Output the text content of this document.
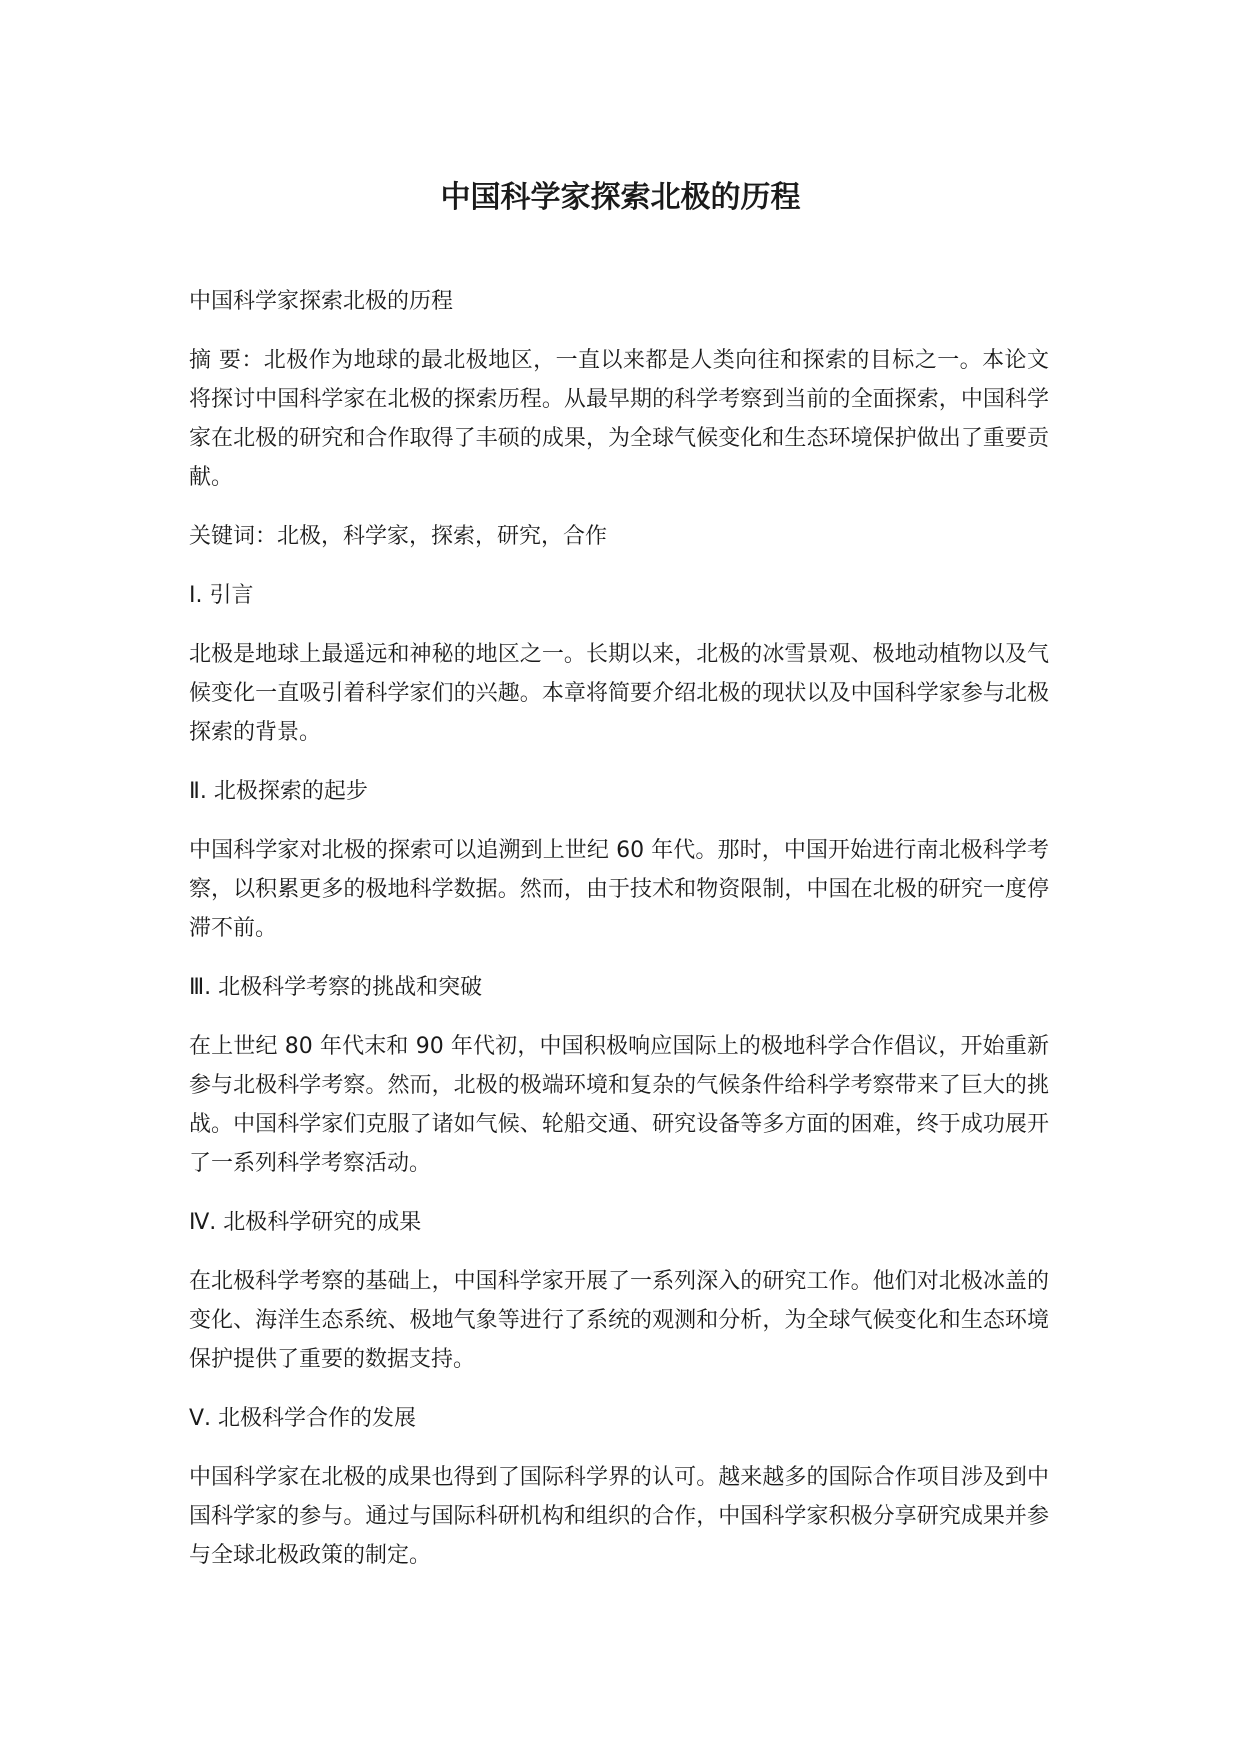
中国科学家探索北极的历程

中国科学家探索北极的历程

摘 要：北极作为地球的最北极地区，一直以来都是人类向往和探索的目标之一。本论文将探讨中国科学家在北极的探索历程。从最早期的科学考察到当前的全面探索，中国科学家在北极的研究和合作取得了丰硕的成果，为全球气候变化和生态环境保护做出了重要贡献。

关键词：北极，科学家，探索，研究，合作

Ⅰ. 引言

北极是地球上最遥远和神秘的地区之一。长期以来，北极的冰雪景观、极地动植物以及气候变化一直吸引着科学家们的兴趣。本章将简要介绍北极的现状以及中国科学家参与北极探索的背景。

Ⅱ. 北极探索的起步

中国科学家对北极的探索可以追溯到上世纪 60 年代。那时，中国开始进行南北极科学考察，以积累更多的极地科学数据。然而，由于技术和物资限制，中国在北极的研究一度停滞不前。

Ⅲ. 北极科学考察的挑战和突破

在上世纪 80 年代末和 90 年代初，中国积极响应国际上的极地科学合作倡议，开始重新参与北极科学考察。然而，北极的极端环境和复杂的气候条件给科学考察带来了巨大的挑战。中国科学家们克服了诸如气候、轮船交通、研究设备等多方面的困难，终于成功展开了一系列科学考察活动。

Ⅳ. 北极科学研究的成果

在北极科学考察的基础上，中国科学家开展了一系列深入的研究工作。他们对北极冰盖的变化、海洋生态系统、极地气象等进行了系统的观测和分析，为全球气候变化和生态环境保护提供了重要的数据支持。

Ⅴ. 北极科学合作的发展

中国科学家在北极的成果也得到了国际科学界的认可。越来越多的国际合作项目涉及到中国科学家的参与。通过与国际科研机构和组织的合作，中国科学家积极分享研究成果并参与全球北极政策的制定。
